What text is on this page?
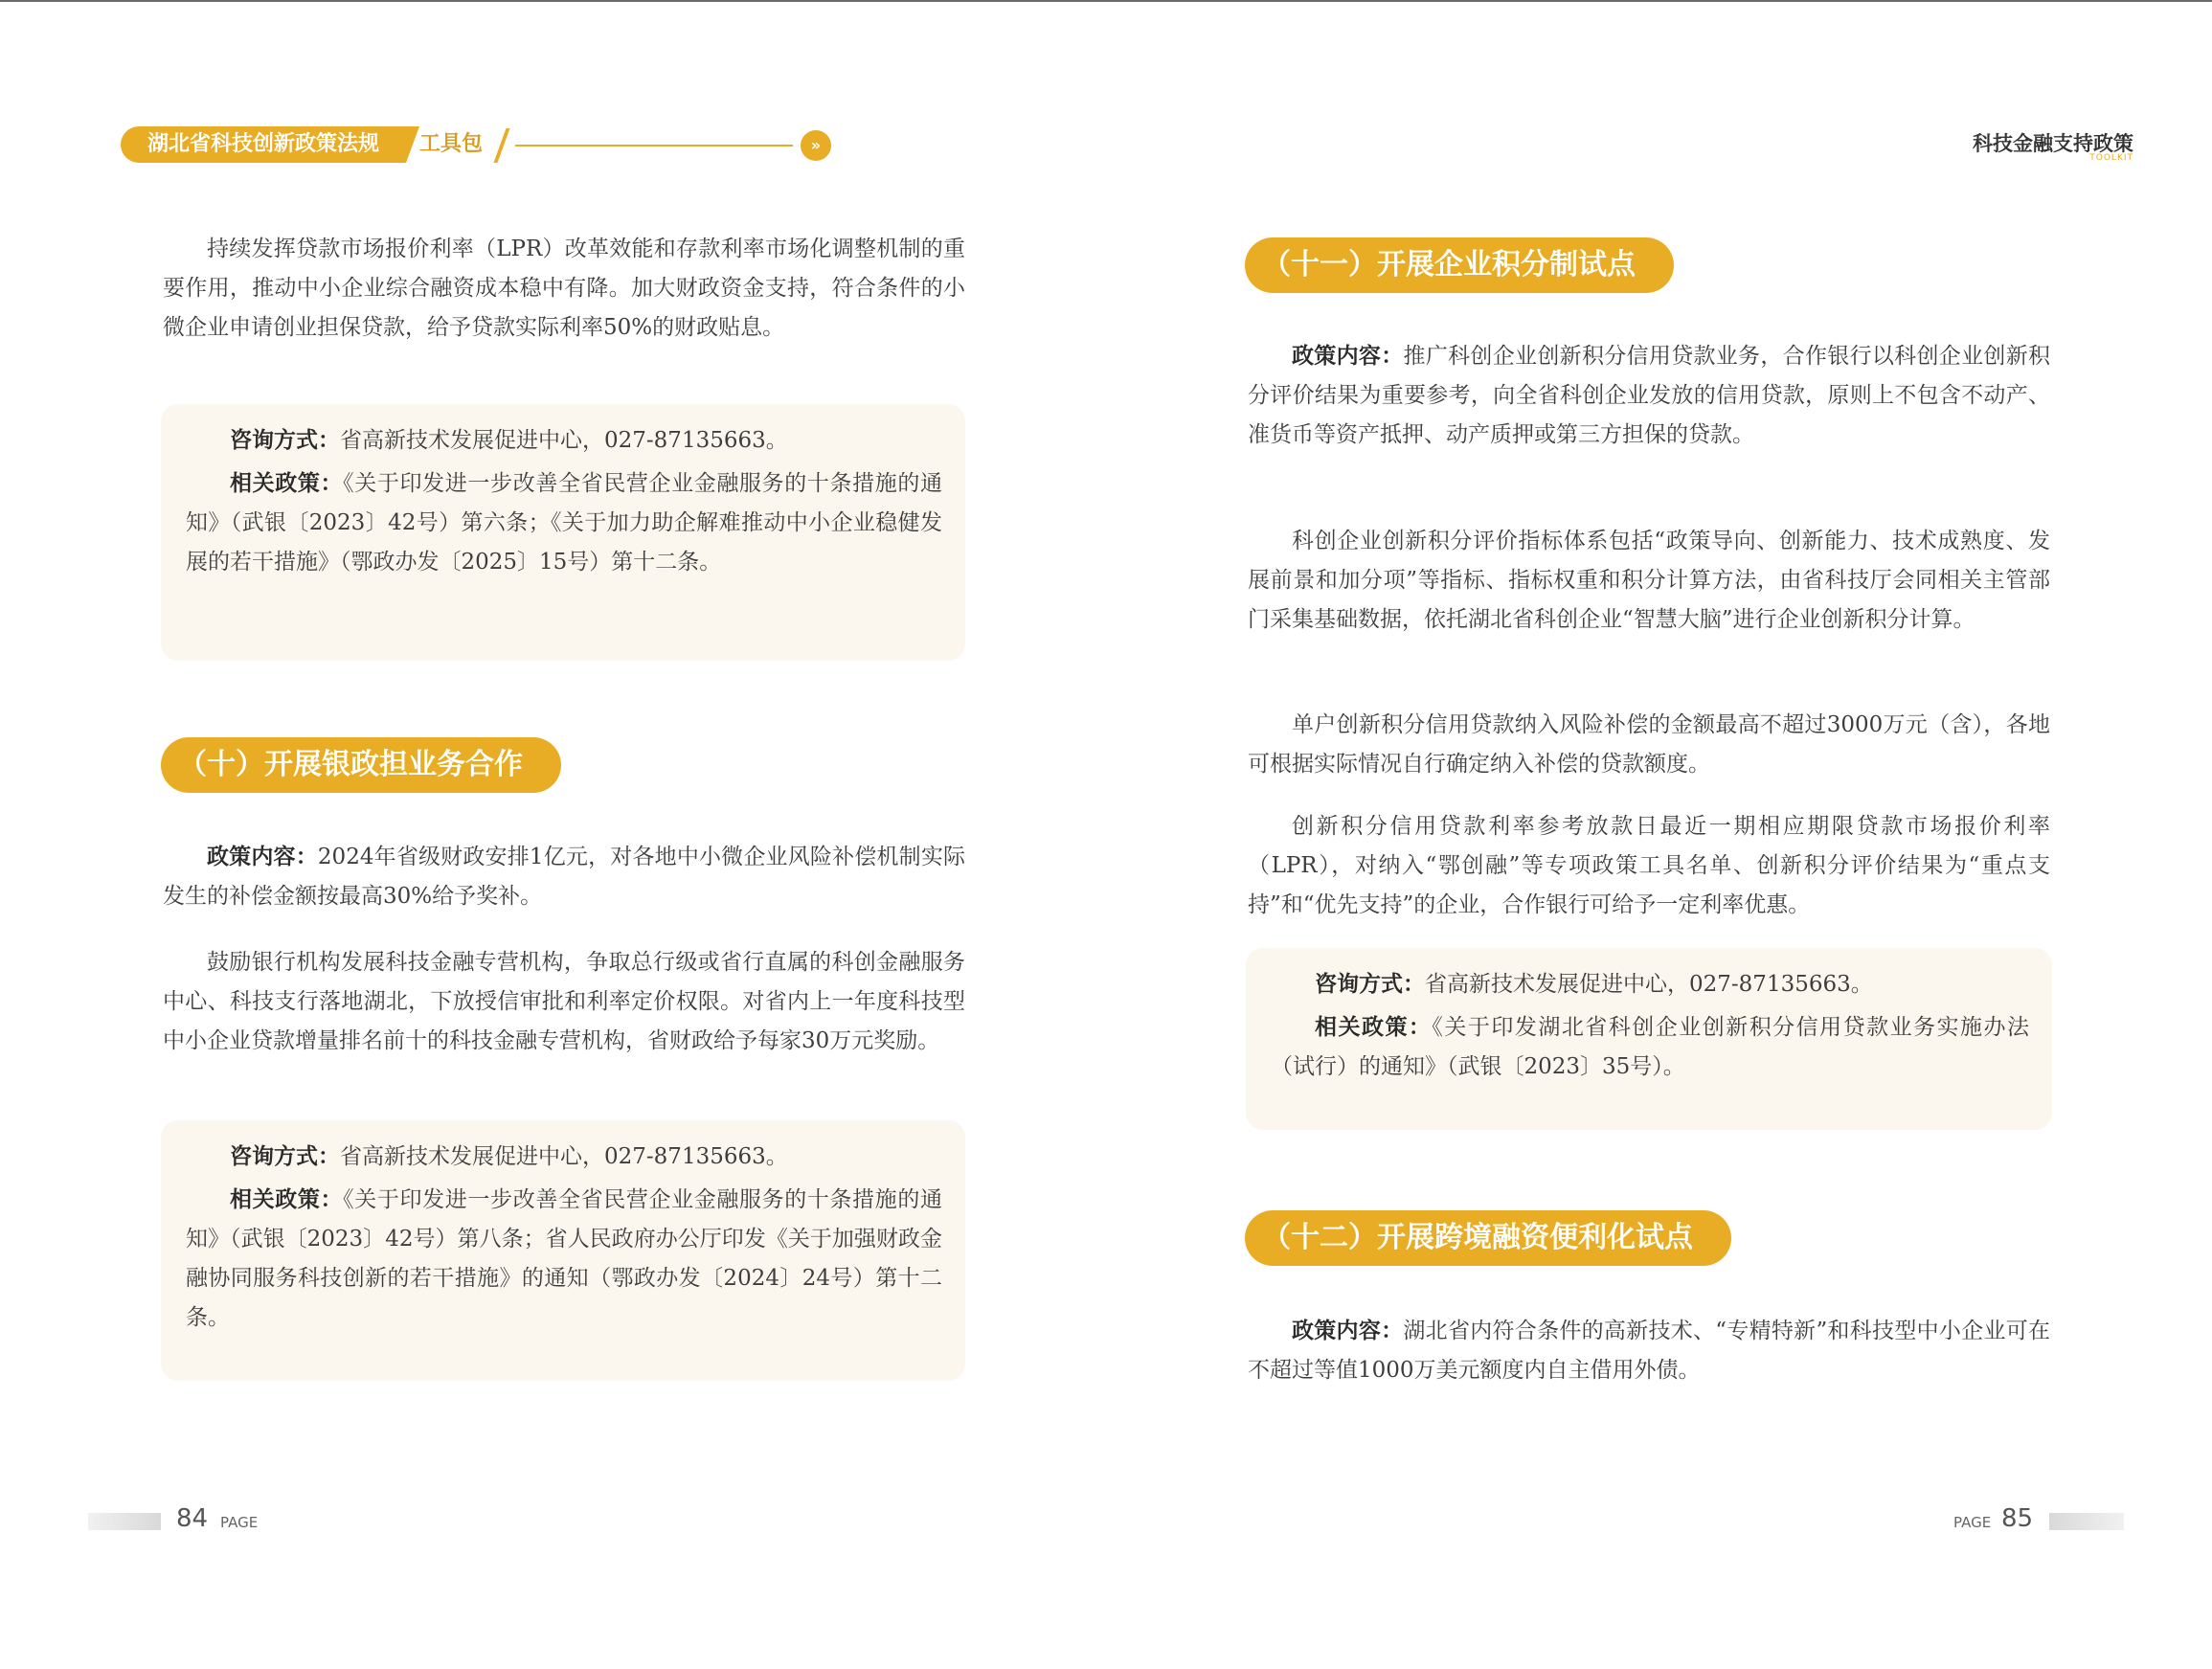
湖北省科技创新政策法规	工具包	»

持续发挥贷款市场报价利率（LPR）改革效能和存款利率市场化调整机制的重要作用，推动中小企业综合融资成本稳中有降。加大财政资金支持，符合条件的小微企业申请创业担保贷款，给予贷款实际利率50%的财政贴息。

咨询方式：省高新技术发展促进中心，027-87135663。

相关政策：《关于印发进一步改善全省民营企业金融服务的十条措施的通知》（武银〔2023〕42号）第六条；《关于加力助企解难推动中小企业稳健发展的若干措施》（鄂政办发〔2025〕15号）第十二条。

（十）开展银政担业务合作

政策内容：2024年省级财政安排1亿元，对各地中小微企业风险补偿机制实际发生的补偿金额按最高30%给予奖补。

鼓励银行机构发展科技金融专营机构，争取总行级或省行直属的科创金融服务中心、科技支行落地湖北，下放授信审批和利率定价权限。对省内上一年度科技型中小企业贷款增量排名前十的科技金融专营机构，省财政给予每家30万元奖励。

咨询方式：省高新技术发展促进中心，027-87135663。

相关政策：《关于印发进一步改善全省民营企业金融服务的十条措施的通知》（武银〔2023〕42号）第八条；省人民政府办公厅印发《关于加强财政金融协同服务科技创新的若干措施》的通知（鄂政办发〔2024〕24号）第十二条。

84 PAGE
科技金融支持政策
TOOLKIT
（十一）开展企业积分制试点

政策内容：推广科创企业创新积分信用贷款业务，合作银行以科创企业创新积分评价结果为重要参考，向全省科创企业发放的信用贷款，原则上不包含不动产、准货币等资产抵押、动产质押或第三方担保的贷款。

科创企业创新积分评价指标体系包括“政策导向、创新能力、技术成熟度、发展前景和加分项”等指标、指标权重和积分计算方法，由省科技厅会同相关主管部门采集基础数据，依托湖北省科创企业“智慧大脑”进行企业创新积分计算。

单户创新积分信用贷款纳入风险补偿的金额最高不超过3000万元（含），各地可根据实际情况自行确定纳入补偿的贷款额度。

创新积分信用贷款利率参考放款日最近一期相应期限贷款市场报价利率（LPR），对纳入“鄂创融”等专项政策工具名单、创新积分评价结果为“重点支持”和“优先支持”的企业，合作银行可给予一定利率优惠。

咨询方式：省高新技术发展促进中心，027-87135663。

相关政策：《关于印发湖北省科创企业创新积分信用贷款业务实施办法（试行）的通知》（武银〔2023〕35号）。

（十二）开展跨境融资便利化试点

政策内容：湖北省内符合条件的高新技术、“专精特新”和科技型中小企业可在不超过等值1000万美元额度内自主借用外债。

PAGE 85
